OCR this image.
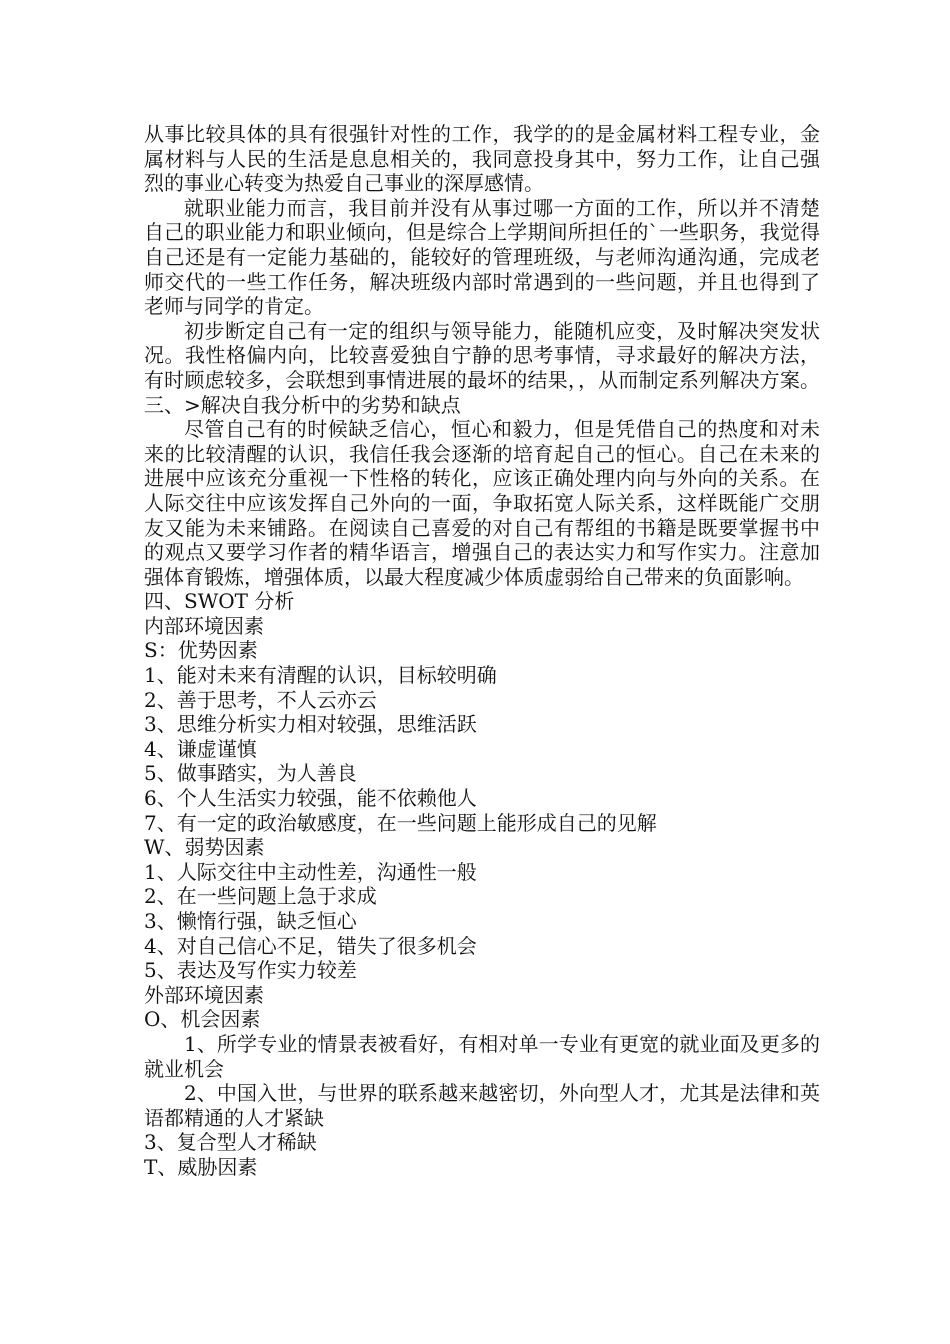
从事比较具体的具有很强针对性的工作，我学的的是金属材料工程专业，金属材料与人民的生活是息息相关的，我同意投身其中，努力工作，让自己强烈的事业心转变为热爱自己事业的深厚感情。

就职业能力而言，我目前并没有从事过哪一方面的工作，所以并不清楚自己的职业能力和职业倾向，但是综合上学期间所担任的`一些职务，我觉得自己还是有一定能力基础的，能较好的管理班级，与老师沟通沟通，完成老师交代的一些工作任务，解决班级内部时常遇到的一些问题，并且也得到了老师与同学的肯定。

初步断定自己有一定的组织与领导能力，能随机应变，及时解决突发状况。我性格偏内向，比较喜爱独自宁静的思考事情，寻求最好的解决方法，有时顾虑较多，会联想到事情进展的最坏的结果，，从而制定系列解决方案。三、>解决自我分析中的劣势和缺点

尽管自己有的时候缺乏信心，恒心和毅力，但是凭借自己的热度和对未来的比较清醒的认识，我信任我会逐渐的培育起自己的恒心。自己在未来的进展中应该充分重视一下性格的转化，应该正确处理内向与外向的关系。在人际交往中应该发挥自己外向的一面，争取拓宽人际关系，这样既能广交朋友又能为未来铺路。在阅读自己喜爱的对自己有帮组的书籍是既要掌握书中的观点又要学习作者的精华语言，增强自己的表达实力和写作实力。注意加强体育锻炼，增强体质，以最大程度减少体质虚弱给自己带来的负面影响。

四、SWOT 分析

内部环境因素

S：优势因素

1、能对未来有清醒的认识，目标较明确

2、善于思考，不人云亦云

3、思维分析实力相对较强，思维活跃

4、谦虚谨慎

5、做事踏实，为人善良

6、个人生活实力较强，能不依赖他人

7、有一定的政治敏感度，在一些问题上能形成自己的见解

W、弱势因素

1、人际交往中主动性差，沟通性一般

2、在一些问题上急于求成

3、懒惰行强，缺乏恒心

4、对自己信心不足，错失了很多机会

5、表达及写作实力较差

外部环境因素

O、机会因素

1、所学专业的情景表被看好，有相对单一专业有更宽的就业面及更多的就业机会

2、中国入世，与世界的联系越来越密切，外向型人才，尤其是法律和英语都精通的人才紧缺

3、复合型人才稀缺

T、威胁因素
